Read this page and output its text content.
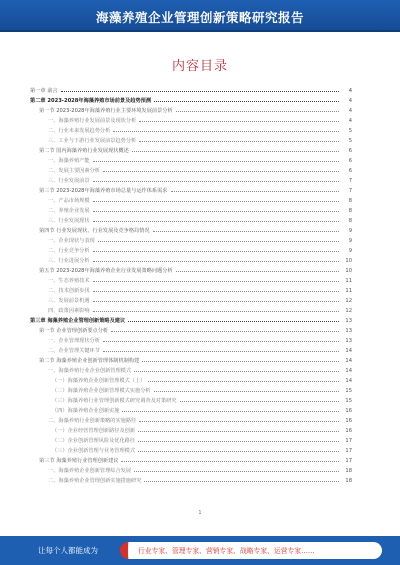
海藻养殖企业管理创新策略研究报告
内容目录
第一章 前言	4
第二章 2023-2028年海藻养殖市场前景及趋势预测	4
第一节 2023-2028年海藻养殖行业主要环境发展前景分析	4
一、海藻养殖行业发展前景及现状分析	4
二、行业未来发展趋势分析	5
三、工业与下游行业发展前景趋势分析	5
第二节 国内海藻养殖行业发展现状概述	6
一、海藻养殖产能	6
二、发展主要因素分析	6
三、行业发展前景	7
第三节 2023-2028年海藻养殖市场总量与运作体系需求	7
一、产品市场规模	8
二、养殖企业发展	8
三、行业发展现状	8
第四节 行业发展现状、行业发展及竞争格局情况	9
一、企业现状与表现	9
二、行业竞争分析	9
三、行业进展分析	10
第五节 2023-2028年海藻养殖企业行业发展策略问题分析	10
一、生态养殖技术	11
二、技术创新步伐	11
三、发展前景机遇	12
四、政策因素影响	12
第三章 海藻养殖企业管理创新策略及建议	13
第一节 企业管理创新要点分析	13
一、企业管理现状分析	13
二、企业管理关键环节	14
第二节 海藻养殖企业创新管理体制机制构建	14
一、海藻养殖行业企业创新管理模式	14
（一）海藻养殖企业创新管理模式（上）	14
（二）海藻养殖企业创新管理模式实施分析	15
（三）海藻养殖行业管理创新模式研究调查及对策研究	15
（四）海藻养殖企业创新实施	16
二、海藻养殖行业创新策略的实施路径	16
（一）企业经营管理创新路径及创新	16
（二）企业创新管理风险及优化路径	17
（三）企业创新管理与业务管理模式	17
第三节 海藻养殖行业管理创新建议	17
一、海藻养殖企业创新管理综合发展	18
二、海藻养殖企业管理创新实施措施研究	18
1
让每个人都能成为	行业专家、管理专家、营销专家、战略专家、运营专家……
